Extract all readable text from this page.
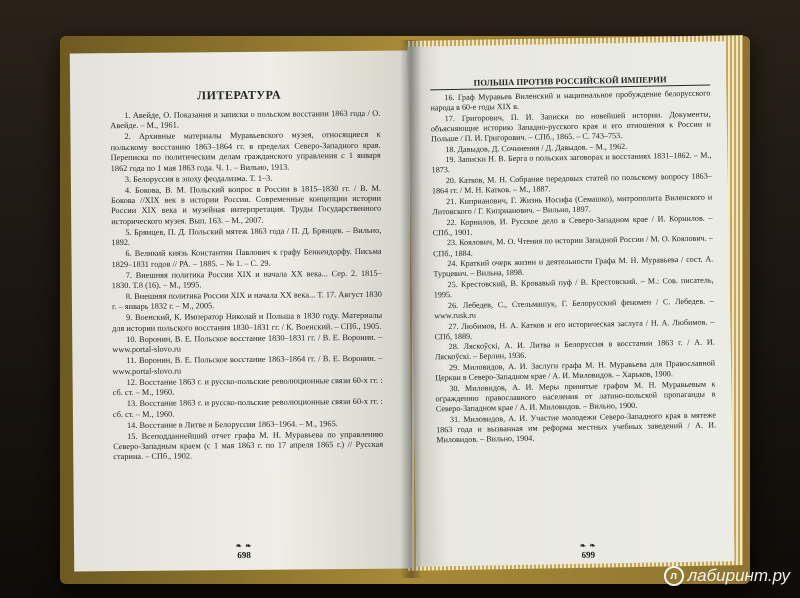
ЛИТЕРАТУРА

1. Авейде, О. Показания и записки о польском восстании 1863 года / О. Авейде. – М., 1961.

2. Архивные материалы Муравьевского музея, относящиеся к польскому восстанию 1863–1864 гг. в пределах Северо-Западного края. Переписка по политическим делам гражданского управления с 1 января 1862 года по 1 мая 1863 года. Ч. 1. – Вильно, 1913.

3. Белоруссия в эпоху феодализма. Т. 1–3.

4. Бокова, В. М. Польский вопрос в России в 1815–1830 гг. / В. М. Бокова //XIX век в истории России. Современные концепции истории России XIX века и музейная интерпретация. Труды Государственного исторического музея. Вып. 163. – М., 2007.

5. Брянцев, П. Д. Польский мятеж 1863 года / П. Д. Брянцев. – Вильно, 1892.

6. Великий князь Константин Павлович к графу Бенкендорфу. Письма 1829–1831 годов // РА. – 1885. – № 1. – С. 29.

7. Внешняя политика России XIX и начала XX века... Сер. 2. 1815–1830. Т.8 (16). – М., 1995.

8. Внешняя политика России XIX и начала XX века... Т. 17. Август 1830 г. – январь 1832 г. – М., 2005.

9. Военский, К. Император Николай и Польша в 1830 году. Материалы для истории польского восстания 1830–1831 гг. / К. Военский. – СПб., 1905.

10. Воронин, В. Е. Польское восстание 1830–1831 гг. / В. Е. Воронин. – www.portal-slovo.ru

11. Воронин, В. Е. Польское восстание 1863–1864 гг. / В. Е. Воронин. – www.portal-slovo.ru

12. Восстание 1863 г. и русско-польские революционные связи 60-х гг. : сб. ст. – М., 1960.

13. Восстание 1863 г. и русско-польские революционные связи 60-х гг. : сб. ст. – М., 1960.

14. Восстание в Литве и Белоруссии 1863–1964. – М., 1965.

15. Всеподданнейший отчет графа М. Н. Муравьева по управлению Северо-Западным краем (с 1 мая 1863 г. по 17 апреля 1865 г.) // Русская старина. – СПб., 1902.

❧ ❧
698
ПОЛЬША ПРОТИВ РОССИЙСКОЙ ИМПЕРИИ

16. Граф Муравьев Виленский и национальное пробуждение белорусского народа в 60-е годы XIX в.

17. Григорович, П. И. Записки по новейшей истории. Документы, объясняющие историю Западно-русского края и его отношения к России и Польше / П. И. Григорович. – СПб., 1865. – С. 743–753.

18. Давыдов, Д. Сочинения / Д. Давыдов. – М., 1962.

19. Записки Н. В. Берга о польских заговорах и восстаниях 1831–1862. – М., 1873.

20. Катков, М. Н. Собрание передовых статей по польскому вопросу 1863–1864 гг. / М. Н. Катков. – М., 1887.

21. Киприанович, Г. Жизнь Иосифа (Семашко), митрополита Виленского и Литовского / Г. Киприанович. – Вильно, 1897.

22. Корнилов, И. Русское дело в Северо-Западном крае / И. Корнилов. – СПб., 1901.

23. Коялович, М. О. Чтения по истории Западной России / М. О. Коялович. – СПб., 1884.

24. Краткий очерк жизни и деятельности Графа М. Н. Муравьева / сост. А. Турцевич. – Вильна, 1898.

25. Крестовский, В. Кровавый пуф / В. Крестовский. – М.: Сов. писатель, 1995.

26. Лебедев, С., Стельмашук, Г. Белорусский феномен / С. Лебедев. – www.rusk.ru

27. Любимов, Н. А. Катков и его историческая заслуга / Н. А. Любимов. – СПб, 1889.

28. Ляскоўскi, А. И. Литва и Белоруссия в восстании 1863 г. / А. И. Ляскоўскi. – Берлин, 1936.

29. Миловидов, А. И. Заслуги графа М. Н. Муравьева для Православной Церкви в Северо-Западном крае / А. И. Миловидов. – Харьков, 1900.

30. Миловидов, А. И. Меры принятые графом М. Н. Муравьевым к ограждению православного населения от латино-польской пропаганды в Северо-Западном крае / А. И. Миловидов. – Вильно, 1900.

31. Миловидов, А. И. Участие молодежи Северо-Западного края в мятеже 1863 года и вызванная им реформа местных учебных заведений / А. И. Миловидов. – Вильно, 1904.

❧ ❧
699
л лабиринт.ру
